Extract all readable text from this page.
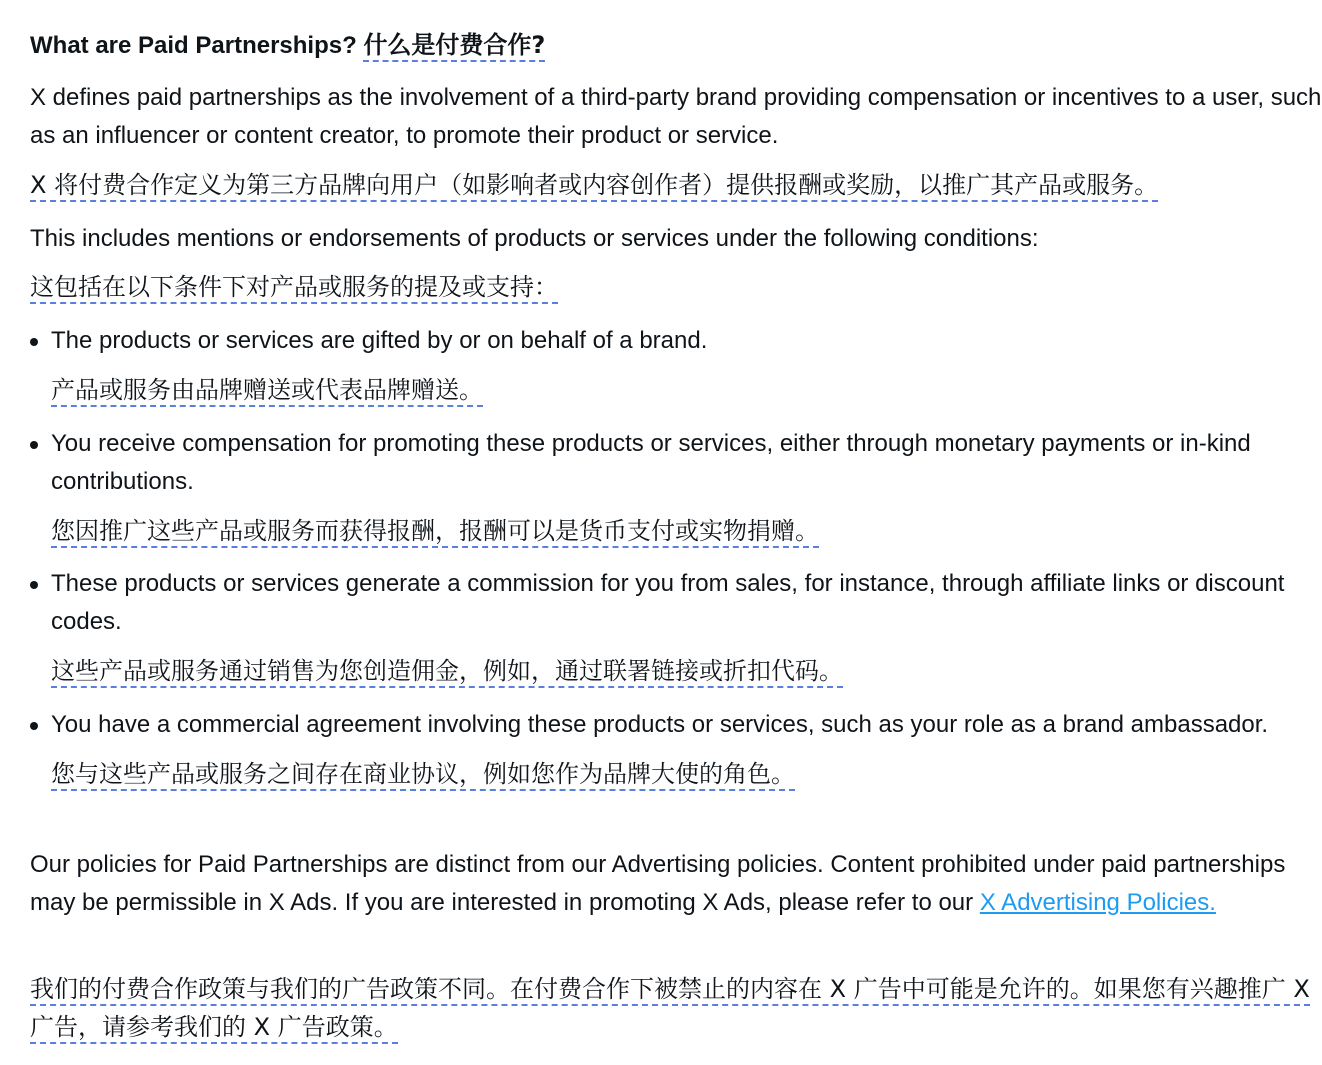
What are Paid Partnerships? 什么是付费合作?

X defines paid partnerships as the involvement of a third-party brand providing compensation or incentives to a user, such as an influencer or content creator, to promote their product or service.

X 将付费合作定义为第三方品牌向用户（如影响者或内容创作者）提供报酬或奖励，以推广其产品或服务。

This includes mentions or endorsements of products or services under the following conditions:

这包括在以下条件下对产品或服务的提及或支持：

The products or services are gifted by or on behalf of a brand.

产品或服务由品牌赠送或代表品牌赠送。

You receive compensation for promoting these products or services, either through monetary payments or in-kind contributions.

您因推广这些产品或服务而获得报酬，报酬可以是货币支付或实物捐赠。

These products or services generate a commission for you from sales, for instance, through affiliate links or discount codes.

这些产品或服务通过销售为您创造佣金，例如，通过联署链接或折扣代码。

You have a commercial agreement involving these products or services, such as your role as a brand ambassador.

您与这些产品或服务之间存在商业协议，例如您作为品牌大使的角色。

Our policies for Paid Partnerships are distinct from our Advertising policies. Content prohibited under paid partnerships may be permissible in X Ads. If you are interested in promoting X Ads, please refer to our X Advertising Policies.

我们的付费合作政策与我们的广告政策不同。在付费合作下被禁止的内容在 X 广告中可能是允许的。如果您有兴趣推广 X 广告，请参考我们的 X 广告政策。
